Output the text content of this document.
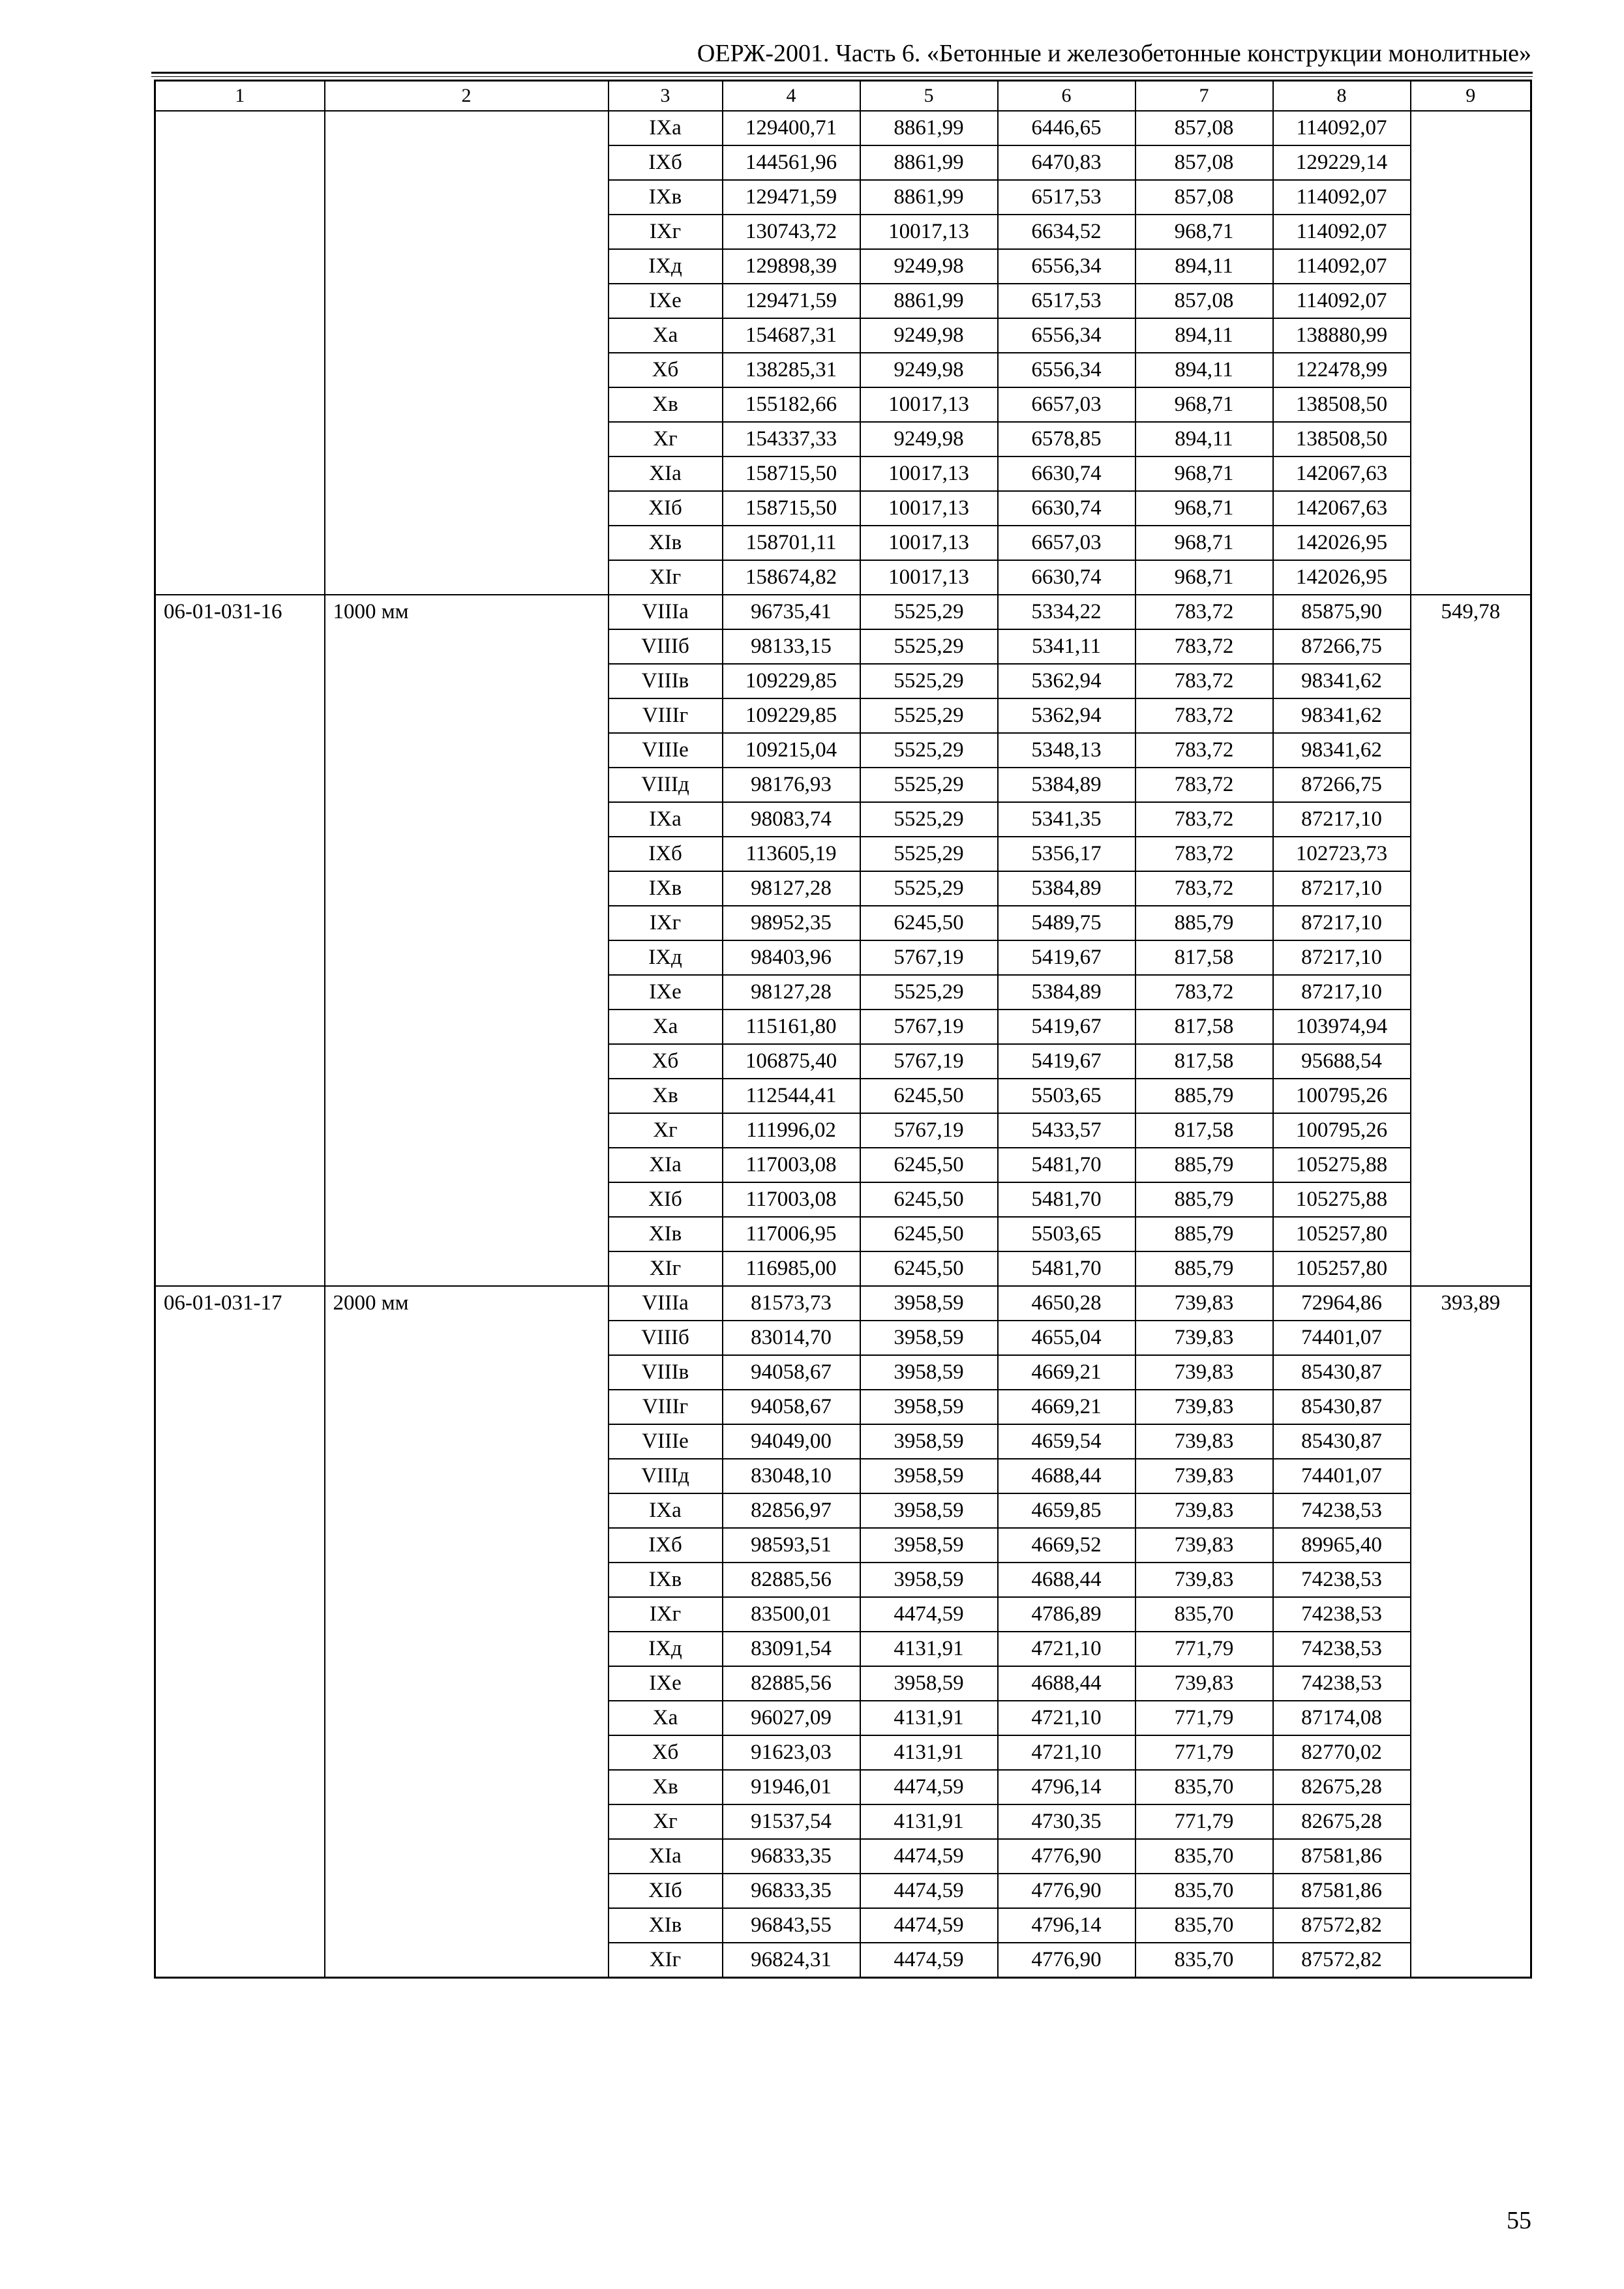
ОЕРЖ-2001. Часть 6. «Бетонные и железобетонные конструкции монолитные»
1	2	3	4	5	6	7	8	9
		IXa	129400,71	8861,99	6446,65	857,08	114092,07	
		IXб	144561,96	8861,99	6470,83	857,08	129229,14	
		IXв	129471,59	8861,99	6517,53	857,08	114092,07	
		IXг	130743,72	10017,13	6634,52	968,71	114092,07	
		IXд	129898,39	9249,98	6556,34	894,11	114092,07	
		IXe	129471,59	8861,99	6517,53	857,08	114092,07	
		Xa	154687,31	9249,98	6556,34	894,11	138880,99	
		Xб	138285,31	9249,98	6556,34	894,11	122478,99	
		Xв	155182,66	10017,13	6657,03	968,71	138508,50	
		Xг	154337,33	9249,98	6578,85	894,11	138508,50	
		XIa	158715,50	10017,13	6630,74	968,71	142067,63	
		XIб	158715,50	10017,13	6630,74	968,71	142067,63	
		XIв	158701,11	10017,13	6657,03	968,71	142026,95	
		XIг	158674,82	10017,13	6630,74	968,71	142026,95	
06-01-031-16	1000 мм	VIIIa	96735,41	5525,29	5334,22	783,72	85875,90	549,78
		VIIIб	98133,15	5525,29	5341,11	783,72	87266,75	
		VIIIв	109229,85	5525,29	5362,94	783,72	98341,62	
		VIIIг	109229,85	5525,29	5362,94	783,72	98341,62	
		VIIIe	109215,04	5525,29	5348,13	783,72	98341,62	
		VIIIд	98176,93	5525,29	5384,89	783,72	87266,75	
		IXa	98083,74	5525,29	5341,35	783,72	87217,10	
		IXб	113605,19	5525,29	5356,17	783,72	102723,73	
		IXв	98127,28	5525,29	5384,89	783,72	87217,10	
		IXг	98952,35	6245,50	5489,75	885,79	87217,10	
		IXд	98403,96	5767,19	5419,67	817,58	87217,10	
		IXe	98127,28	5525,29	5384,89	783,72	87217,10	
		Xa	115161,80	5767,19	5419,67	817,58	103974,94	
		Xб	106875,40	5767,19	5419,67	817,58	95688,54	
		Xв	112544,41	6245,50	5503,65	885,79	100795,26	
		Xг	111996,02	5767,19	5433,57	817,58	100795,26	
		XIa	117003,08	6245,50	5481,70	885,79	105275,88	
		XIб	117003,08	6245,50	5481,70	885,79	105275,88	
		XIв	117006,95	6245,50	5503,65	885,79	105257,80	
		XIг	116985,00	6245,50	5481,70	885,79	105257,80	
06-01-031-17	2000 мм	VIIIa	81573,73	3958,59	4650,28	739,83	72964,86	393,89
		VIIIб	83014,70	3958,59	4655,04	739,83	74401,07	
		VIIIв	94058,67	3958,59	4669,21	739,83	85430,87	
		VIIIг	94058,67	3958,59	4669,21	739,83	85430,87	
		VIIIe	94049,00	3958,59	4659,54	739,83	85430,87	
		VIIIд	83048,10	3958,59	4688,44	739,83	74401,07	
		IXa	82856,97	3958,59	4659,85	739,83	74238,53	
		IXб	98593,51	3958,59	4669,52	739,83	89965,40	
		IXв	82885,56	3958,59	4688,44	739,83	74238,53	
		IXг	83500,01	4474,59	4786,89	835,70	74238,53	
		IXд	83091,54	4131,91	4721,10	771,79	74238,53	
		IXe	82885,56	3958,59	4688,44	739,83	74238,53	
		Xa	96027,09	4131,91	4721,10	771,79	87174,08	
		Xб	91623,03	4131,91	4721,10	771,79	82770,02	
		Xв	91946,01	4474,59	4796,14	835,70	82675,28	
		Xг	91537,54	4131,91	4730,35	771,79	82675,28	
		XIa	96833,35	4474,59	4776,90	835,70	87581,86	
		XIб	96833,35	4474,59	4776,90	835,70	87581,86	
		XIв	96843,55	4474,59	4796,14	835,70	87572,82	
		XIг	96824,31	4474,59	4776,90	835,70	87572,82	
55
